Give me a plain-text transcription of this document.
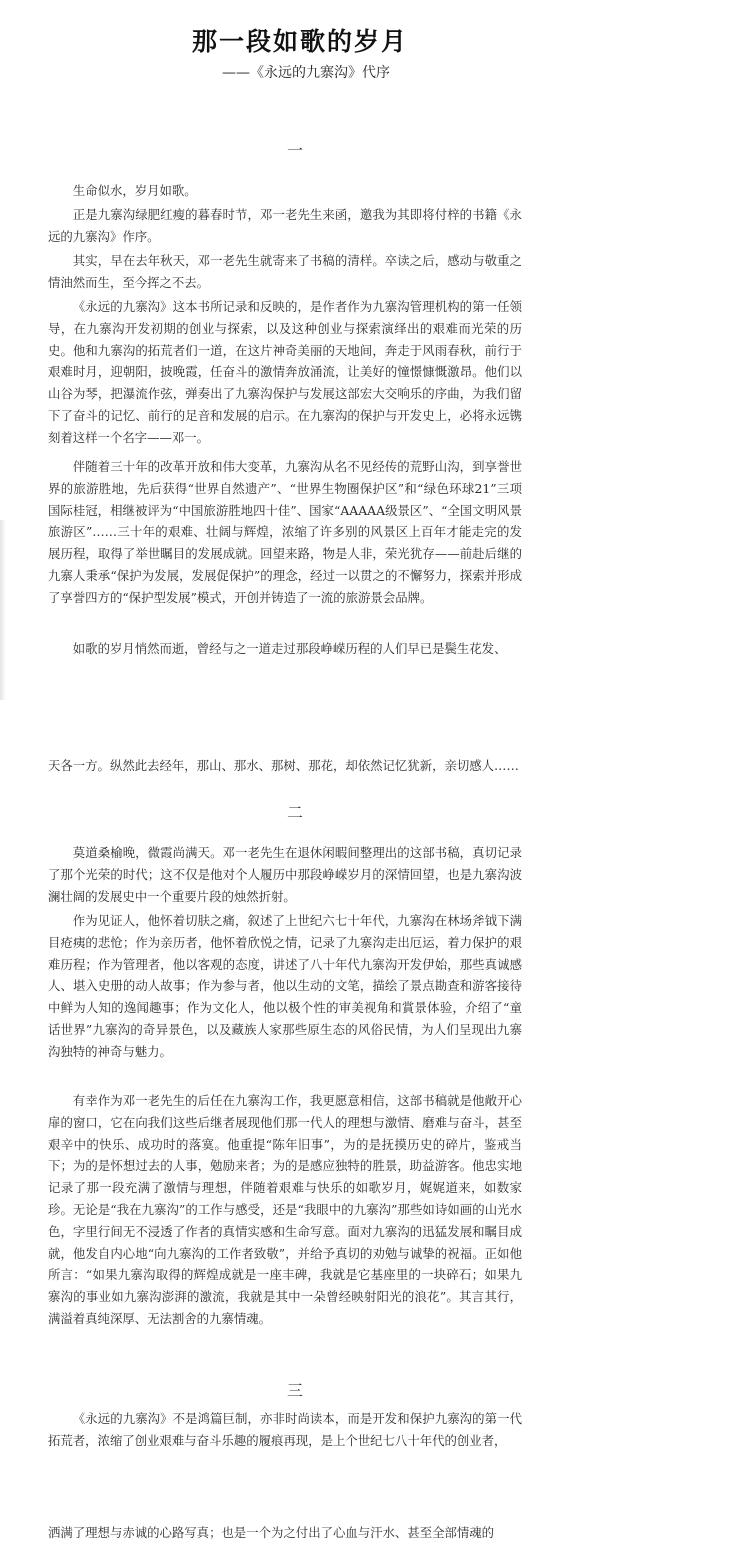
那一段如歌的岁月
——《永远的九寨沟》代序
一

生命似水，岁月如歌。

正是九寨沟绿肥红瘦的暮春时节，邓一老先生来函，邀我为其即将付梓的书籍《永远的九寨沟》作序。

其实，早在去年秋天，邓一老先生就寄来了书稿的清样。卒读之后，感动与敬重之情油然而生，至今挥之不去。

《永远的九寨沟》这本书所记录和反映的，是作者作为九寨沟管理机构的第一任领导，在九寨沟开发初期的创业与探索，以及这种创业与探索演绎出的艰难而光荣的历史。他和九寨沟的拓荒者们一道，在这片神奇美丽的天地间，奔走于风雨春秋，前行于艰难时月，迎朝阳，披晚霞，任奋斗的激情奔放涌流，让美好的憧憬慷慨激昂。他们以山谷为琴，把瀑流作弦，弹奏出了九寨沟保护与发展这部宏大交响乐的序曲，为我们留下了奋斗的记忆、前行的足音和发展的启示。在九寨沟的保护与开发史上，必将永远镌刻着这样一个名字——邓一。

伴随着三十年的改革开放和伟大变革，九寨沟从名不见经传的荒野山沟，到享誉世界的旅游胜地，先后获得“世界自然遗产”、“世界生物圈保护区”和“绿色环球21”三项国际桂冠，相继被评为“中国旅游胜地四十佳”、国家“AAAAA级景区”、“全国文明风景旅游区”……三十年的艰难、壮阔与辉煌，浓缩了许多别的风景区上百年才能走完的发展历程，取得了举世瞩目的发展成就。回望来路，物是人非，荣光犹存——前赴后继的九寨人秉承“保护为发展，发展促保护”的理念，经过一以贯之的不懈努力，探索并形成了享誉四方的“保护型发展”模式，开创并铸造了一流的旅游景会品牌。

如歌的岁月悄然而逝，曾经与之一道走过那段峥嵘历程的人们早已是鬓生花发、

天各一方。纵然此去经年，那山、那水、那树、那花，却依然记忆犹新，亲切感人……

二

莫道桑榆晚，微霞尚满天。邓一老先生在退休闲暇间整理出的这部书稿，真切记录了那个光荣的时代；这不仅是他对个人履历中那段峥嵘岁月的深情回望，也是九寨沟波澜壮阔的发展史中一个重要片段的烛然折射。

作为见证人，他怀着切肤之痛，叙述了上世纪六七十年代，九寨沟在林场斧钺下满目疮痍的悲怆；作为亲历者，他怀着欣悦之情，记录了九寨沟走出厄运，着力保护的艰难历程；作为管理者，他以客观的态度，讲述了八十年代九寨沟开发伊始，那些真诚感人、堪入史册的动人故事；作为参与者，他以生动的文笔，描绘了景点勘查和游客接待中鲜为人知的逸闻趣事；作为文化人，他以极个性的审美视角和賞景体验，介绍了“童话世界”九寨沟的奇异景色，以及藏族人家那些原生态的风俗民情，为人们呈现出九寨沟独特的神奇与魅力。

有幸作为邓一老先生的后任在九寨沟工作，我更愿意相信，这部书稿就是他敞开心扉的窗口，它在向我们这些后继者展现他们那一代人的理想与激情、磨难与奋斗，甚至艰辛中的快乐、成功时的落寞。他重提“陈年旧事”，为的是抚摸历史的碎片，鉴戒当下；为的是怀想过去的人事，勉励来者；为的是感应独特的胜景，助益游客。他忠实地记录了那一段充满了激情与理想，伴随着艰难与快乐的如歌岁月，娓娓道来，如数家珍。无论是“我在九寨沟”的工作与感受，还是“我眼中的九寨沟”那些如诗如画的山光水色，字里行间无不浸透了作者的真情实感和生命写意。面对九寨沟的迅猛发展和瞩目成就，他发自内心地“向九寨沟的工作者致敬”，并给予真切的劝勉与诚挚的祝福。正如他所言：“如果九寨沟取得的辉煌成就是一座丰碑，我就是它基座里的一块碎石；如果九寨沟的事业如九寨沟澎湃的激流，我就是其中一朵曾经映射阳光的浪花”。其言其行，满溢着真纯深厚、无法割舍的九寨情魂。

三

《永远的九寨沟》不是鸿篇巨制，亦非时尚读本，而是开发和保护九寨沟的第一代拓荒者，浓缩了创业艰难与奋斗乐趣的履痕再现，是上个世纪七八十年代的创业者，

洒满了理想与赤诚的心路写真；也是一个为之付出了心血与汗水、甚至全部情魂的
